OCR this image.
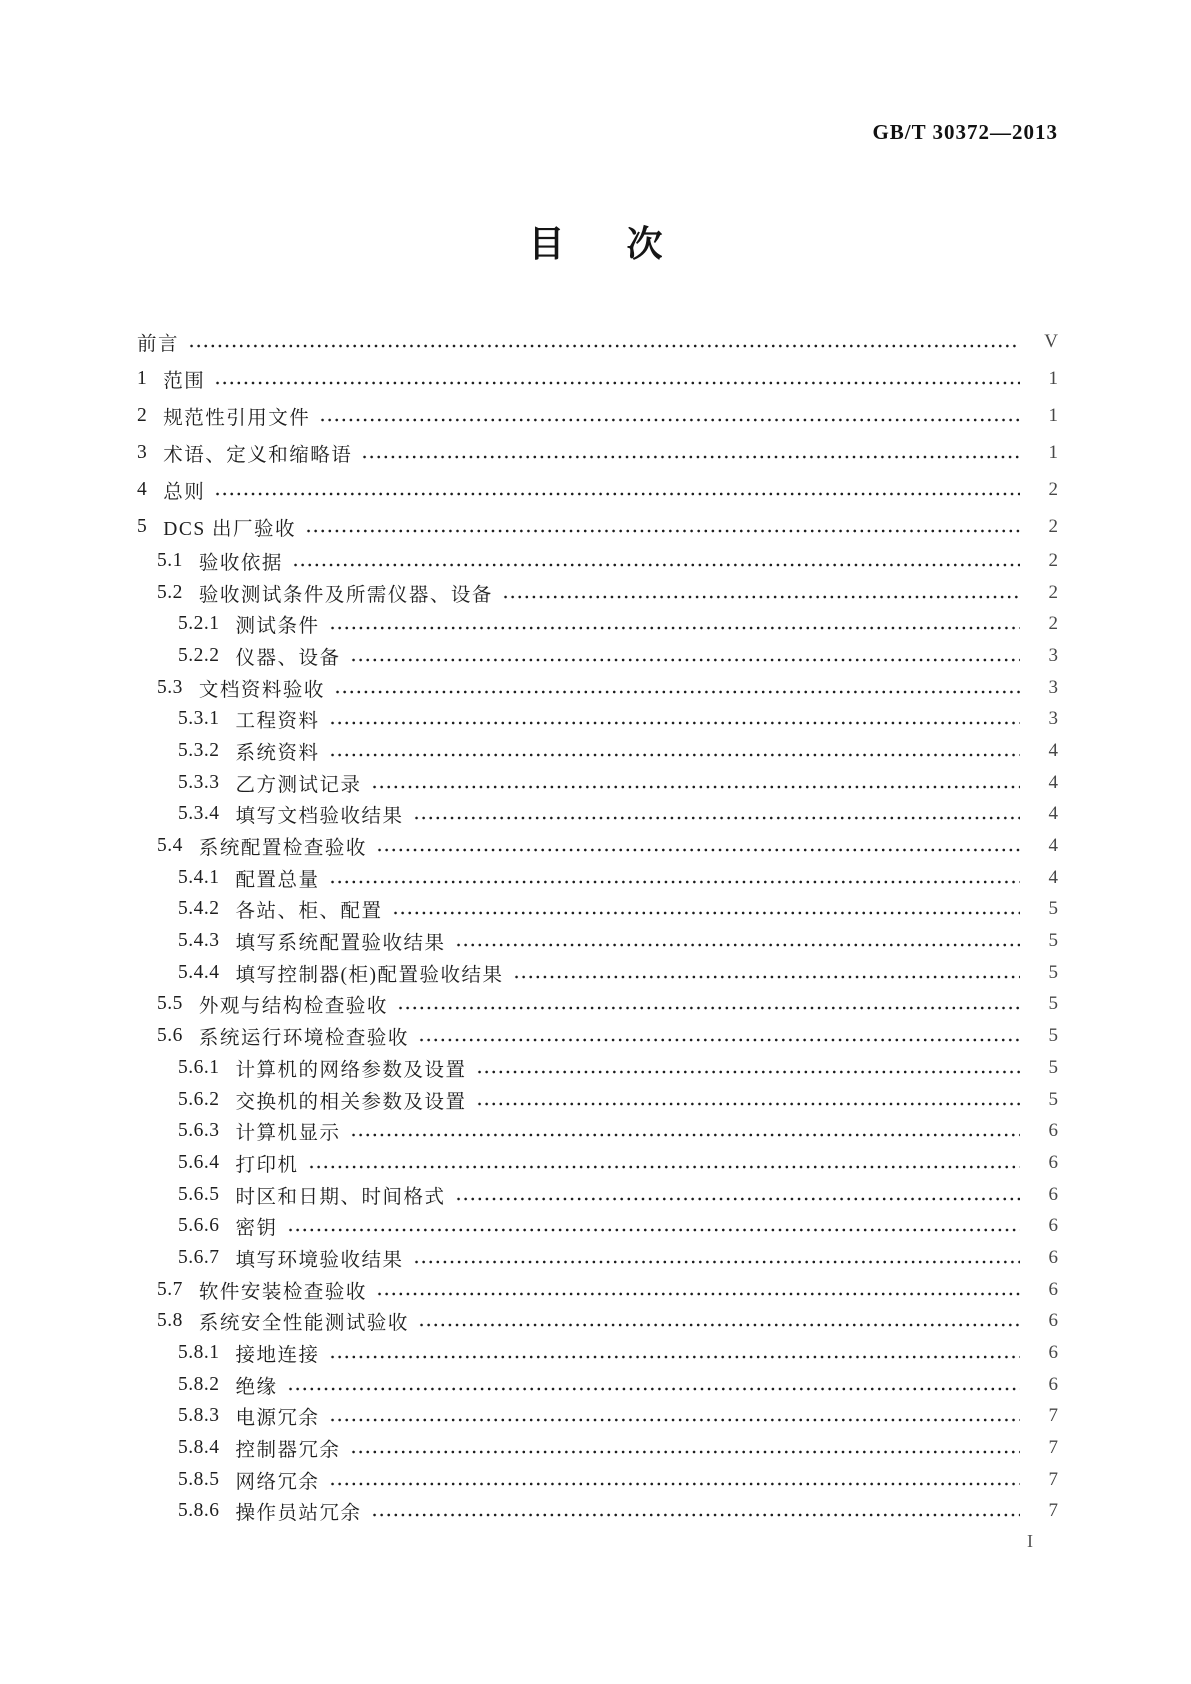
GB/T 30372—2013
目 次
前言	V
1 范围	1
2 规范性引用文件	1
3 术语、定义和缩略语	1
4 总则	2
5 DCS 出厂验收	2
5.1 验收依据	2
5.2 验收测试条件及所需仪器、设备	2
5.2.1 测试条件	2
5.2.2 仪器、设备	3
5.3 文档资料验收	3
5.3.1 工程资料	3
5.3.2 系统资料	4
5.3.3 乙方测试记录	4
5.3.4 填写文档验收结果	4
5.4 系统配置检查验收	4
5.4.1 配置总量	4
5.4.2 各站、柜、配置	5
5.4.3 填写系统配置验收结果	5
5.4.4 填写控制器(柜)配置验收结果	5
5.5 外观与结构检查验收	5
5.6 系统运行环境检查验收	5
5.6.1 计算机的网络参数及设置	5
5.6.2 交换机的相关参数及设置	5
5.6.3 计算机显示	6
5.6.4 打印机	6
5.6.5 时区和日期、时间格式	6
5.6.6 密钥	6
5.6.7 填写环境验收结果	6
5.7 软件安装检查验收	6
5.8 系统安全性能测试验收	6
5.8.1 接地连接	6
5.8.2 绝缘	6
5.8.3 电源冗余	7
5.8.4 控制器冗余	7
5.8.5 网络冗余	7
5.8.6 操作员站冗余	7
I
